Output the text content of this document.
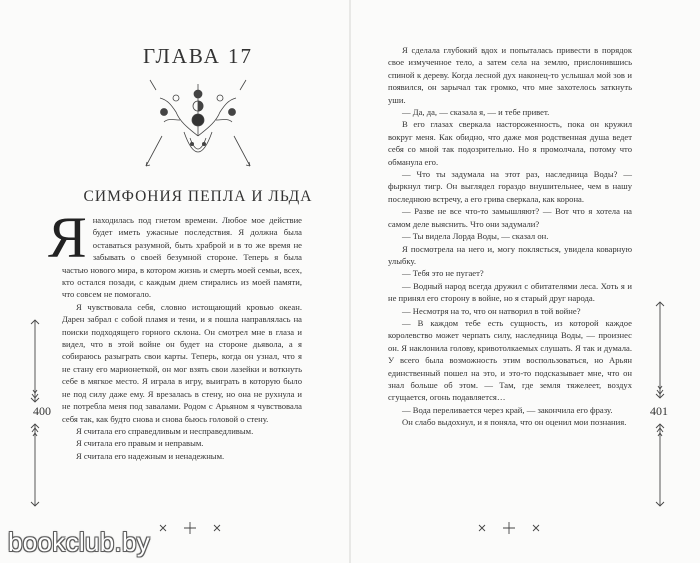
ГЛАВА 17
СИМФОНИЯ ПЕПЛА И ЛЬДА

Я находилась под гнетом времени. Любое мое действие будет иметь ужасные последствия. Я должна была оставаться разумной, быть храброй и в то же время не забывать о своей безумной стороне. Теперь я была частью нового мира, в котором жизнь и смерть моей семьи, всех, кто остался позади, с каждым днем стирались из моей памяти, что совсем не помогало.

Я чувствовала себя, словно истощающий кровью океан. Дарен забрал с собой пламя и тени, и я пошла направлялась на поиски подходящего горного склона. Он смотрел мне в глаза и видел, что в этой войне он будет на стороне дьявола, а я собираюсь разыграть свои карты. Теперь, когда он узнал, что я не стану его марионеткой, он мог взять свои лазейки и воткнуть себе в мягкое место. Я играла в игру, выиграть в которую было не под силу даже ему. Я врезалась в стену, но она не рухнула и не потребла меня под завалами. Родом с Арьяном я чувствовала себя так, как будто снова и снова бьюсь головой о стену.

Я считала его справедливым и несправедливым.

Я считала его правым и неправым.

Я считала его надежным и ненадежным.

400
bookclub.by

Я сделала глубокий вдох и попыталась привести в порядок свое измученное тело, а затем села на землю, прислонившись спиной к дереву. Когда лесной дух наконец-то услышал мой зов и появился, он зарычал так громко, что мне захотелось заткнуть уши.

— Да, да, — сказала я, — и тебе привет.

В его глазах сверкала настороженность, пока он кружил вокруг меня. Как обидно, что даже моя родственная душа ведет себя со мной так подозрительно. Но я промолчала, потому что обманула его.

— Что ты задумала на этот раз, наследница Воды? — фыркнул тигр. Он выглядел гораздо внушительнее, чем в нашу последнюю встречу, а его грива сверкала, как корона.

— Разве не все что-то замышляют? — Вот что я хотела на самом деле выяснить. Что они задумали?

— Ты видела Лорда Воды, — сказал он.

Я посмотрела на него и, могу поклясться, увидела коварную улыбку.

— Тебя это не пугает?

— Водный народ всегда дружил с обитателями леса. Хоть я и не принял его сторону в войне, но я старый друг народа.

— Несмотря на то, что он натворил в той войне?

— В каждом тебе есть сущность, из которой каждое королевство может черпать силу, наследница Воды, — произнес он. Я наклонила голову, кривотолкаемых слушать. Я так и думала. У всего была возможность этим воспользоваться, но Арьян единственный пошел на это, и это-то подсказывает мне, что он знал больше об этом. — Там, где земля тяжелеет, воздух сгущается, огонь подавляется…

— Вода переливается через край, — закончила его фразу.

Он слабо выдохнул, и я поняла, что он оценил мои познания.

401
